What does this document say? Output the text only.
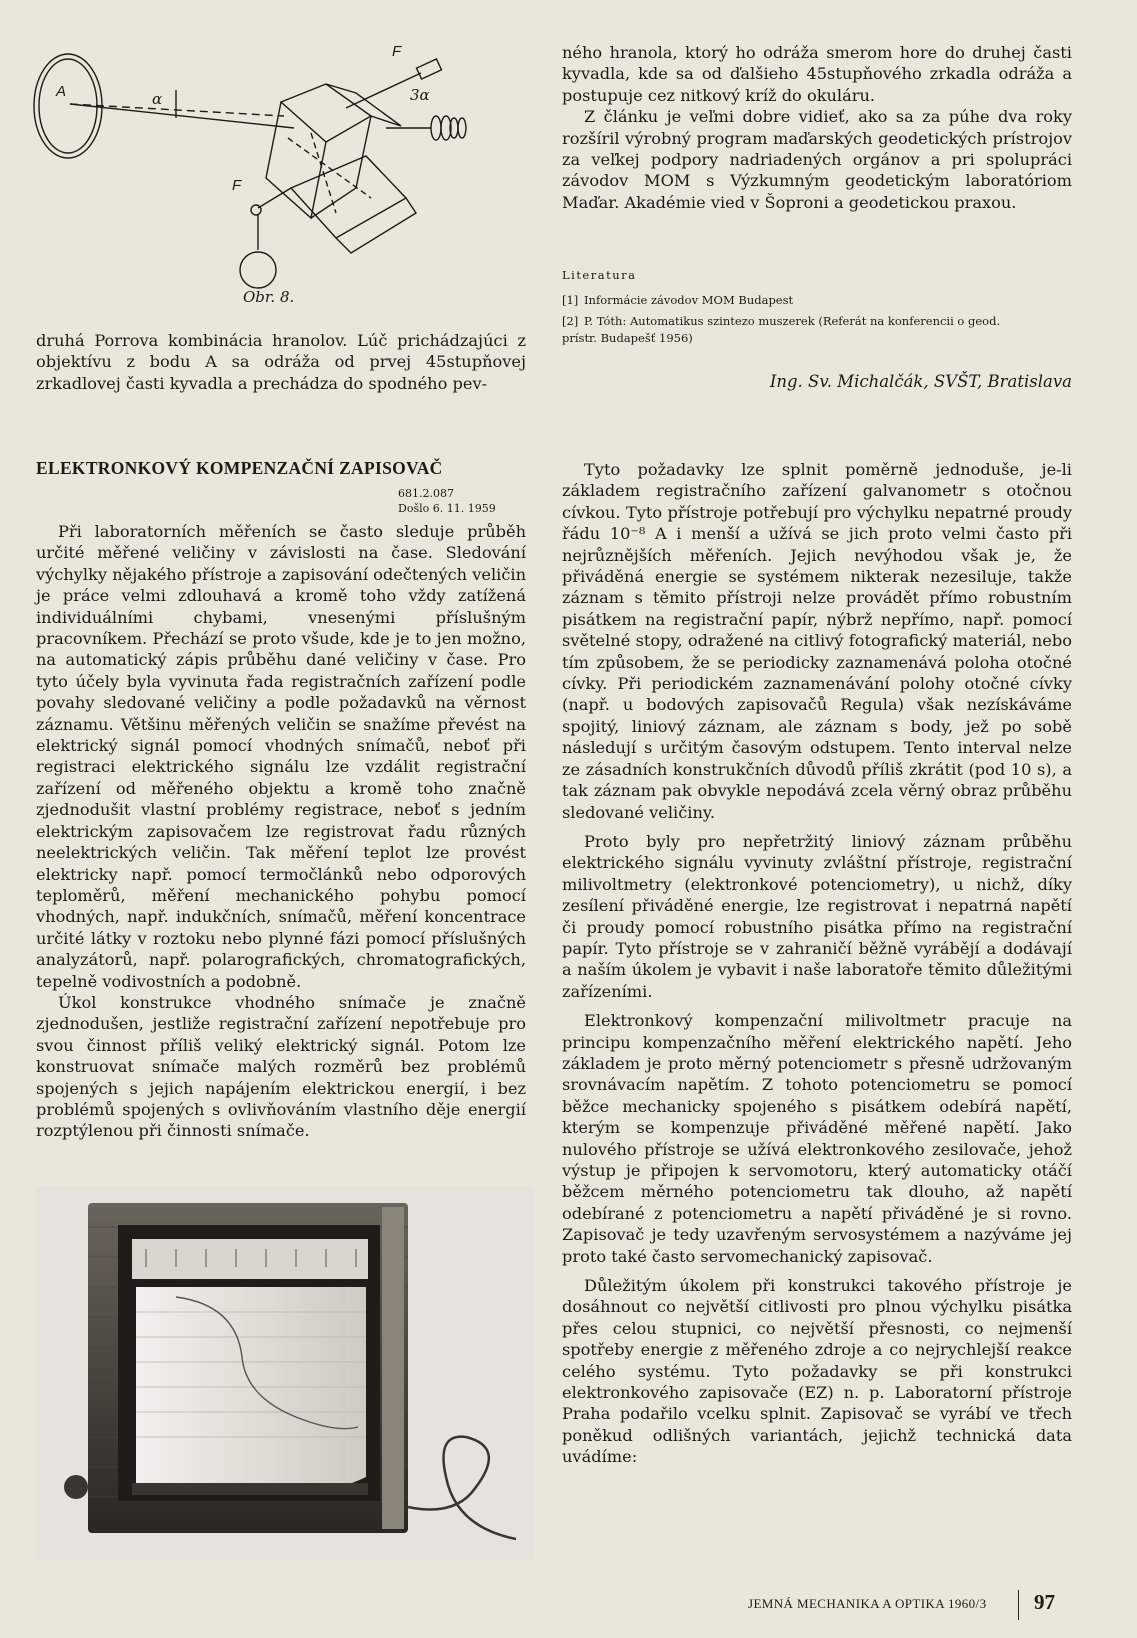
A	α
F
3α
F
Obr. 8.

druhá Porrova kombinácia hranolov. Lúč prichádzajúci z objektívu z bodu A sa odráža od prvej 45stupňovej zrkadlovej časti kyvadla a prechádza do spodného pev-

ného hranola, ktorý ho odráža smerom hore do druhej časti kyvadla, kde sa od ďalšieho 45stupňového zrkadla odráža a postupuje cez nitkový kríž do okuláru.

Z článku je veľmi dobre vidieť, ako sa za púhe dva roky rozšíril výrobný program maďarských geodetických prístrojov za veľkej podpory nadriadených orgánov a pri spolupráci závodov MOM s Výzkumným geodetickým laboratóriom Maďar. Akadémie vied v Šoproni a geodetickou praxou.

Literatura

[1] Informácie závodov MOM Budapest

[2] P. Tóth: Automatikus szintezo muszerek (Referát na konferencii o geod.

prístr. Budapešť 1956)

Ing. Sv. Michalčák, SVŠT, Bratislava
ELEKTRONKOVÝ KOMPENZAČNÍ ZAPISOVAČ
681.2.087
Došlo 6. 11. 1959

Při laboratorních měřeních se často sleduje průběh určité měřené veličiny v závislosti na čase. Sledování výchylky nějakého přístroje a zapisování odečtených veličin je práce velmi zdlouhavá a kromě toho vždy zatížená individuálními chybami, vnesenými příslušným pracovníkem. Přechází se proto všude, kde je to jen možno, na automatický zápis průběhu dané veličiny v čase. Pro tyto účely byla vyvinuta řada registračních zařízení podle povahy sledované veličiny a podle požadavků na věrnost záznamu. Většinu měřených veličin se snažíme převést na elektrický signál pomocí vhodných snímačů, neboť při registraci elektrického signálu lze vzdálit registrační zařízení od měřeného objektu a kromě toho značně zjednodušit vlastní problémy registrace, neboť s jedním elektrickým zapisovačem lze registrovat řadu různých neelektrických veličin. Tak měření teplot lze provést elektricky např. pomocí termočlánků nebo odporových teploměrů, měření mechanického pohybu pomocí vhodných, např. indukčních, snímačů, měření koncentrace určité látky v roztoku nebo plynné fázi pomocí příslušných analyzátorů, např. polarografických, chromatografických, tepelně vodivostních a podobně.

Úkol konstrukce vhodného snímače je značně zjednodušen, jestliže registrační zařízení nepotřebuje pro svou činnost příliš veliký elektrický signál. Potom lze konstruovat snímače malých rozměrů bez problémů spojených s jejich napájením elektrickou energií, i bez problémů spojených s ovlivňováním vlastního děje energií rozptýlenou při činnosti snímače.

Tyto požadavky lze splnit poměrně jednoduše, je-li základem registračního zařízení galvanometr s otočnou cívkou. Tyto přístroje potřebují pro výchylku nepatrné proudy řádu 10⁻⁸ A i menší a užívá se jich proto velmi často při nejrůznějších měřeních. Jejich nevýhodou však je, že přiváděná energie se systémem nikterak nezesiluje, takže záznam s těmito přístroji nelze provádět přímo robustním pisátkem na registrační papír, nýbrž nepřímo, např. pomocí světelné stopy, odražené na citlivý fotografický materiál, nebo tím způsobem, že se periodicky zaznamenává poloha otočné cívky. Při periodickém zaznamenávání polohy otočné cívky (např. u bodových zapisovačů Regula) však nezískáváme spojitý, liniový záznam, ale záznam s body, jež po sobě následují s určitým časovým odstupem. Tento interval nelze ze zásadních konstrukčních důvodů příliš zkrátit (pod 10 s), a tak záznam pak obvykle nepodává zcela věrný obraz průběhu sledované veličiny.

Proto byly pro nepřetržitý liniový záznam průběhu elektrického signálu vyvinuty zvláštní přístroje, registrační milivoltmetry (elektronkové potenciometry), u nichž, díky zesílení přiváděné energie, lze registrovat i nepatrná napětí či proudy pomocí robustního pisátka přímo na registrační papír. Tyto přístroje se v zahraničí běžně vyrábějí a dodávají a naším úkolem je vybavit i naše laboratoře těmito důležitými zařízeními.

Elektronkový kompenzační milivoltmetr pracuje na principu kompenzačního měření elektrického napětí. Jeho základem je proto měrný potenciometr s přesně udržovaným srovnávacím napětím. Z tohoto potenciometru se pomocí běžce mechanicky spojeného s pisátkem odebírá napětí, kterým se kompenzuje přiváděné měřené napětí. Jako nulového přístroje se užívá elektronkového zesilovače, jehož výstup je připojen k servomotoru, který automaticky otáčí běžcem měrného potenciometru tak dlouho, až napětí odebírané z potenciometru a napětí přiváděné je si rovno. Zapisovač je tedy uzavřeným servosystémem a nazýváme jej proto také často servomechanický zapisovač.

Důležitým úkolem při konstrukci takového přístroje je dosáhnout co největší citlivosti pro plnou výchylku pisátka přes celou stupnici, co největší přesnosti, co nejmenší spotřeby energie z měřeného zdroje a co nejrychlejší reakce celého systému. Tyto požadavky se při konstrukci elektronkového zapisovače (EZ) n. p. Laboratorní přístroje Praha podařilo vcelku splnit. Zapisovač se vyrábí ve třech poněkud odlišných variantách, jejichž technická data uvádíme:

JEMNÁ MECHANIKA A OPTIKA 1960/3 97
